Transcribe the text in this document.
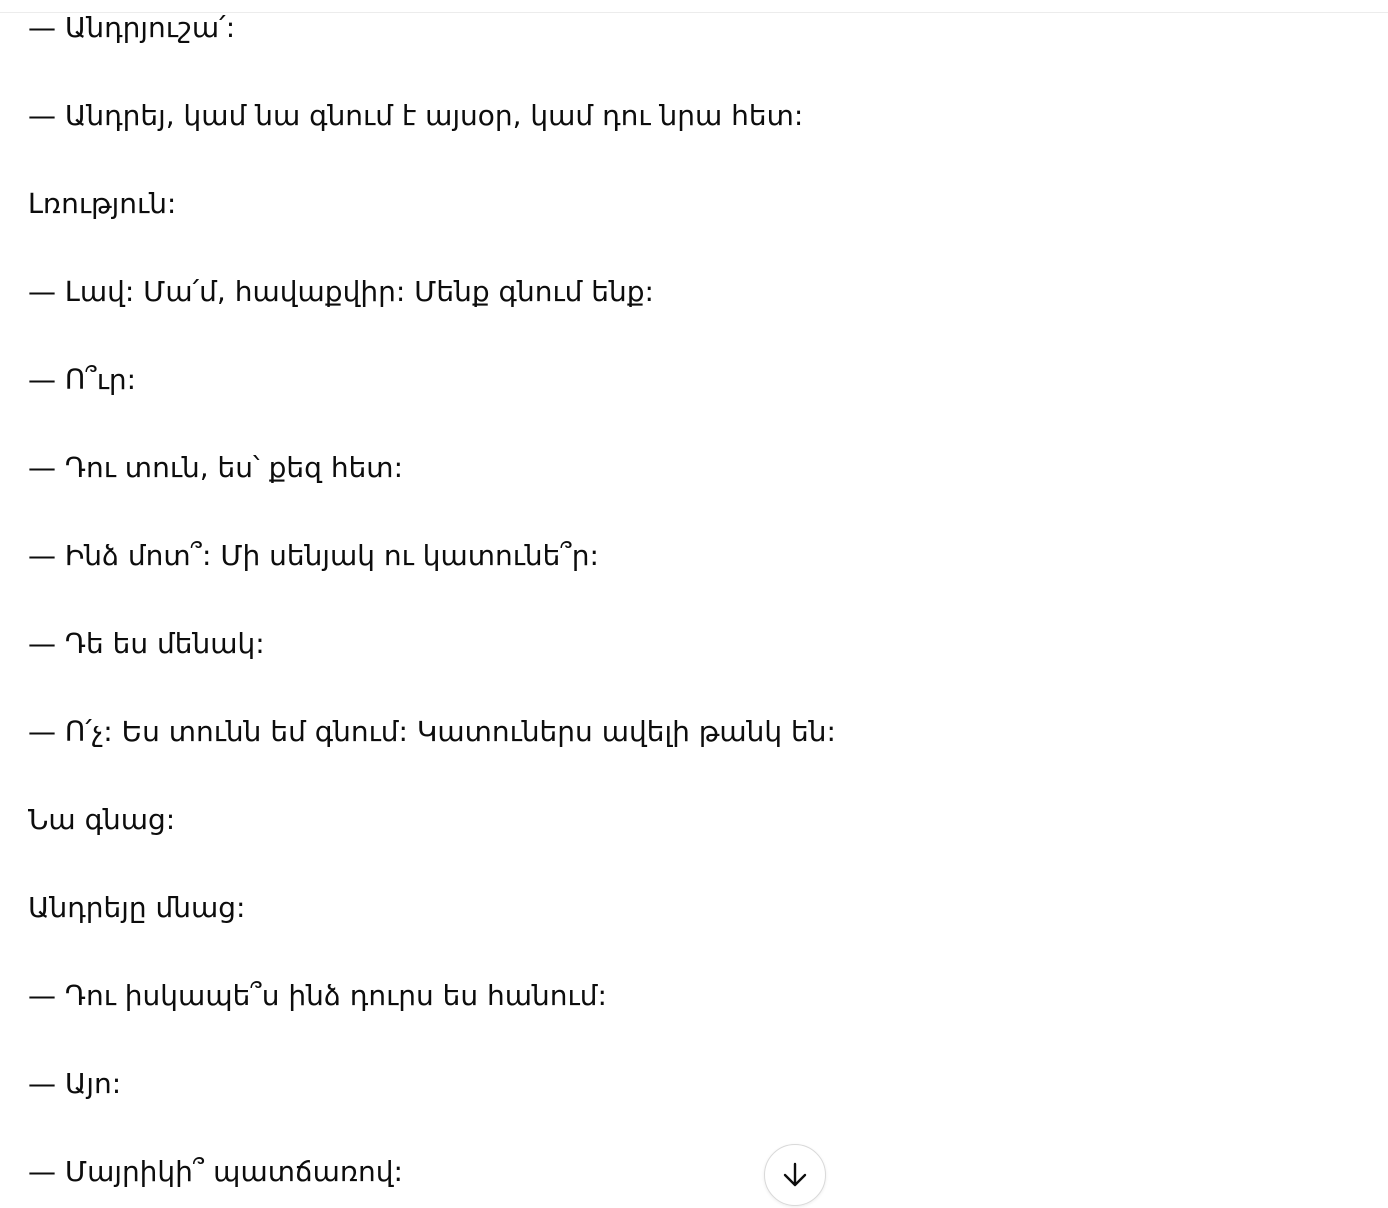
— Անդրյուշա՛:
— Անդրեյ, կամ նա գնում է այսօր, կամ դու նրա հետ:
Լռություն:
— Լավ: Մա՛մ, հավաքվիր: Մենք գնում ենք:
— Ո՞ւր:
— Դու տուն, ես՝ քեզ հետ:
— Ինձ մոտ՞: Մի սենյակ ու կատունե՞ր:
— Դե ես մենակ:
— Ո՛չ: Ես տունն եմ գնում: Կատուներս ավելի թանկ են:
Նա գնաց:
Անդրեյը մնաց:
— Դու իսկապե՞ս ինձ դուրս ես հանում:
— Այո:
— Մայրիկի՞ պատճառով:
